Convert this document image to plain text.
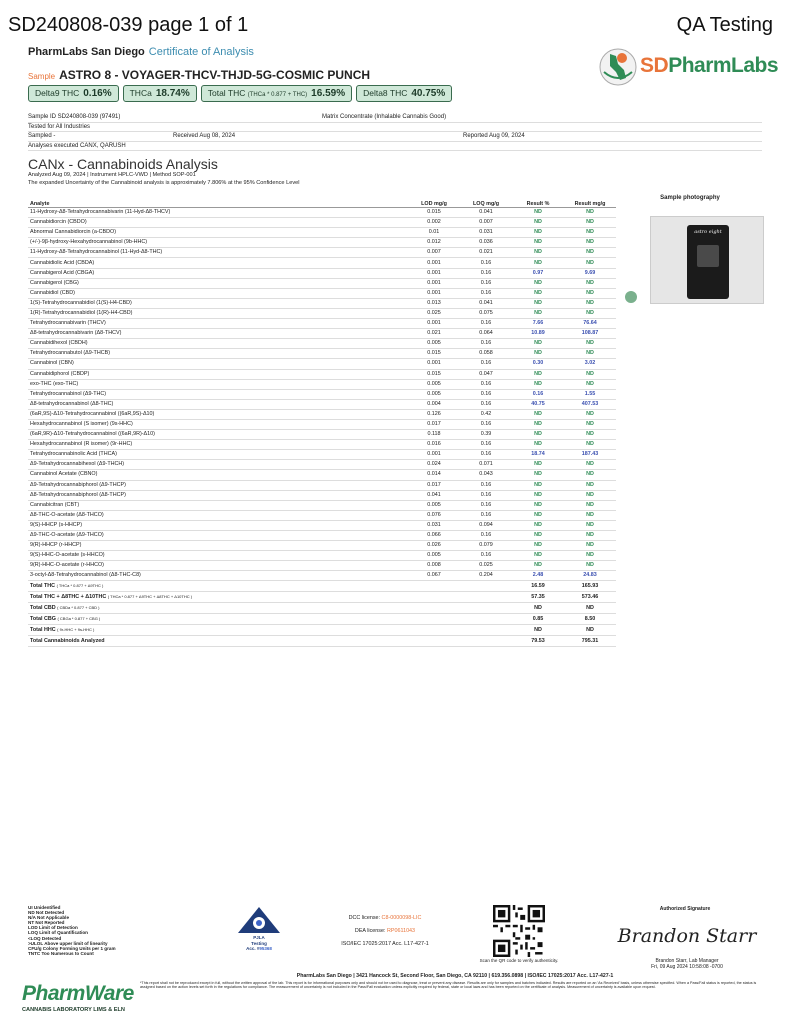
SD240808-039 page 1 of 1	QA Testing
PharmLabs San Diego Certificate of Analysis
Sample ASTRO 8 - VOYAGER-THCV-THJD-5G-COSMIC PUNCH
Delta9 THC 0.16%	THCa 18.74%	Total THC (THCa * 0.877 + THC) 16.59%	Delta8 THC 40.75%
SDPharmLabs
Sample ID SD240808-039 (97491)	Matrix Concentrate (Inhalable Cannabis Good)
Tested for All Industries
Sampled -	Received Aug 08, 2024	Reported Aug 09, 2024
Analyses executed CANX, QARUSH
CANx - Cannabinoids Analysis
Analyzed Aug 09, 2024 | Instrument HPLC-VWD | Method SOP-001
The expanded Uncertainty of the Cannabinoid analysis is approximately 7.806% at the 95% Confidence Level
Analyte	LOD mg/g	LOQ mg/g	Result %	Result mg/g
11-Hydroxy-Δ8-Tetrahydrocannabivarin (11-Hyd-Δ8-THCV)	0.015	0.041	ND	ND
Cannabidiorcin (CBDO)	0.002	0.007	ND	ND
Abnormal Cannabidiorcin (a-CBDO)	0.01	0.031	ND	ND
(+/-)-9β-hydroxy-Hexahydrocannabinol (9b-HHC)	0.012	0.036	ND	ND
11-Hydroxy-Δ8-Tetrahydrocannabinol (11-Hyd-Δ8-THC)	0.007	0.021	ND	ND
Cannabidiolic Acid (CBDA)	0.001	0.16	ND	ND
Cannabigerol Acid (CBGA)	0.001	0.16	0.97	9.69
Cannabigerol (CBG)	0.001	0.16	ND	ND
Cannabidiol (CBD)	0.001	0.16	ND	ND
1(S)-Tetrahydrocannabidiol (1(S)-H4-CBD)	0.013	0.041	ND	ND
1(R)-Tetrahydrocannabidiol (1(R)-H4-CBD)	0.025	0.075	ND	ND
Tetrahydrocannabivarin (THCV)	0.001	0.16	7.66	76.64
Δ8-tetrahydrocannabivarin (Δ8-THCV)	0.021	0.064	10.89	108.87
Cannabidihexol (CBDH)	0.005	0.16	ND	ND
Tetrahydrocannabutol (Δ9-THCB)	0.015	0.058	ND	ND
Cannabinol (CBN)	0.001	0.16	0.30	3.02
Cannabidiphorol (CBDP)	0.015	0.047	ND	ND
exo-THC (exo-THC)	0.005	0.16	ND	ND
Tetrahydrocannabinol (Δ9-THC)	0.005	0.16	0.16	1.55
Δ8-tetrahydrocannabinol (Δ8-THC)	0.004	0.16	40.75	407.53
(6aR,9S)-Δ10-Tetrahydrocannabinol ((6aR,9S)-Δ10)	0.126	0.42	ND	ND
Hexahydrocannabinol (S isomer) (9s-HHC)	0.017	0.16	ND	ND
(6aR,9R)-Δ10-Tetrahydrocannabinol ((6aR,9R)-Δ10)	0.118	0.39	ND	ND
Hexahydrocannabinol (R isomer) (9r-HHC)	0.016	0.16	ND	ND
Tetrahydrocannabinolic Acid (THCA)	0.001	0.16	18.74	187.43
Δ9-Tetrahydrocannabihexol (Δ9-THCH)	0.024	0.071	ND	ND
Cannabinol Acetate (CBNO)	0.014	0.043	ND	ND
Δ9-Tetrahydrocannabiphorol (Δ9-THCP)	0.017	0.16	ND	ND
Δ8-Tetrahydrocannabiphorol (Δ8-THCP)	0.041	0.16	ND	ND
Cannabicitran (CBT)	0.005	0.16	ND	ND
Δ8-THC-O-acetate (Δ8-THCO)	0.076	0.16	ND	ND
9(S)-HHCP (s-HHCP)	0.031	0.094	ND	ND
Δ9-THC-O-acetate (Δ9-THCO)	0.066	0.16	ND	ND
9(R)-HHCP (r-HHCP)	0.026	0.079	ND	ND
9(S)-HHC-O-acetate (s-HHCO)	0.005	0.16	ND	ND
9(R)-HHC-O-acetate (r-HHCO)	0.008	0.025	ND	ND
3-octyl-Δ8-Tetrahydrocannabinol (Δ8-THC-C8)	0.067	0.204	2.48	24.83
Total THC ( THCa * 0.877 + Δ9THC )			16.59	165.93
Total THC + Δ8THC + Δ10THC ( THCa * 0.877 + Δ9THC + Δ8THC + Δ10THC )			57.35	573.46
Total CBD ( CBDa * 0.877 + CBD )			ND	ND
Total CBG ( CBGa * 0.877 + CBG )			0.85	8.50
Total HHC ( 9r-HHC + 9s-HHC )			ND	ND
Total Cannabinoids Analyzed			79.53	795.31
Sample photography
astro eight
UI Unidentified
ND Not Detected
N/A Not Applicable
NT Not Reported
LOD Limit of Detection
LOQ Limit of Quantification
<LOQ Detected
>ULOL Above upper limit of linearity
CFU/g Colony Forming Units per 1 gram
TNTC Too Numerous to Count
PJLA
Testing
Acc. #95368
DCC license: C8-0000098-LIC
DEA license: RP0611043
ISO/IEC 17025:2017 Acc. L17-427-1
Scan the QR code to verify authenticity.
Authorized Signature
Brandon Starr
Brandon Starr, Lab Manager
Fri, 09 Aug 2024 10:58:08 -0700
PharmLabs San Diego | 3421 Hancock St, Second Floor, San Diego, CA 92110 | 619.356.0898 | ISO/IEC 17025:2017 Acc. L17-427-1
*This report shall not be reproduced except in full, without the written approval of the lab. This report is for informational purposes only and should not be used to diagnose, treat or prevent any disease. Results are only for samples and batches indicated. Results are reported on an 'As Received' basis, unless otherwise specified. When a Pass/Fail status is reported, the status is assigned based on the action levels set forth in the regulations for compliance. The measurement of uncertainty is not included in the Pass/Fail evaluation unless explicitly required by federal, state or local laws and has been reported on the certificate of analysis. Measurement of uncertainty is available upon request.
PharmWare
CANNABIS LABORATORY LIMS & ELN
